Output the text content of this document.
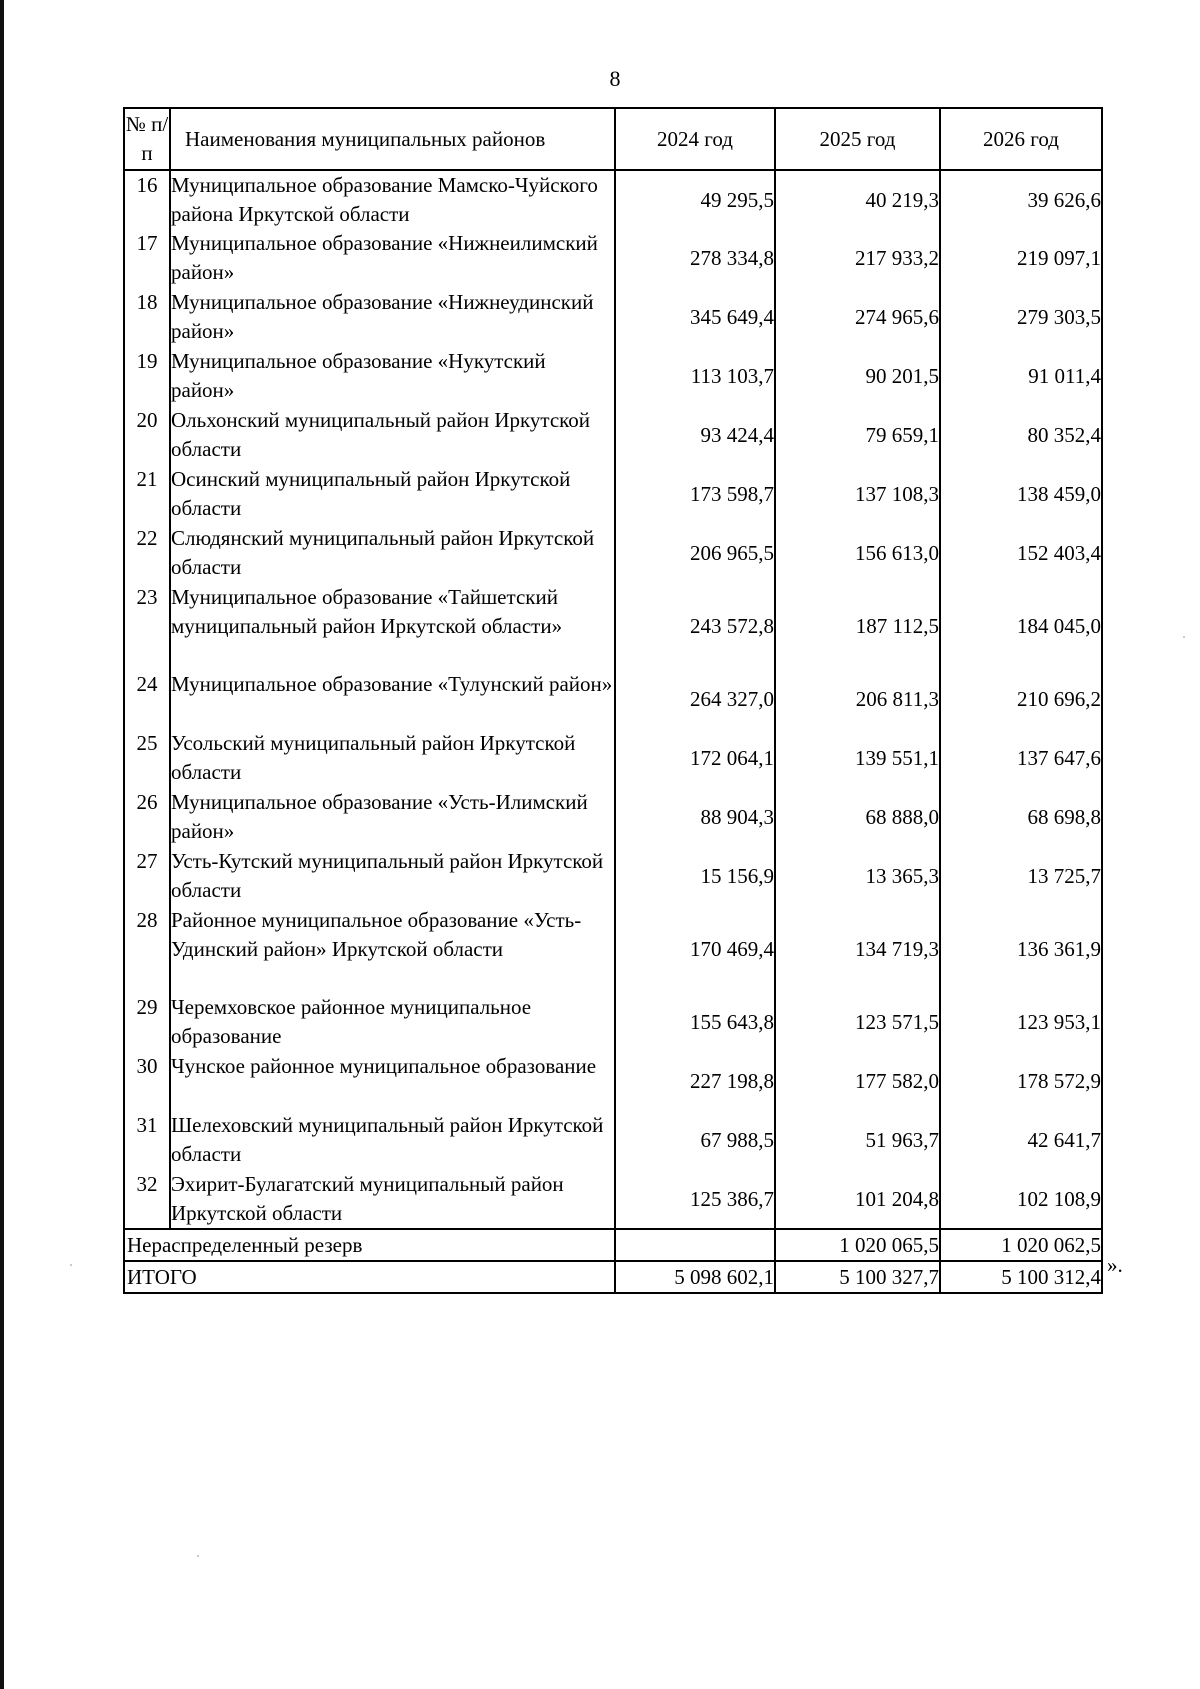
8
№ п/п	Наименования муниципальных районов	2024 год	2025 год	2026 год
16	Муниципальное образование Мамско-Чуйского района Иркутской области	49 295,5	40 219,3	39 626,6
17	Муниципальное образование «Нижнеилимский район»	278 334,8	217 933,2	219 097,1
18	Муниципальное образование «Нижнеудинский район»	345 649,4	274 965,6	279 303,5
19	Муниципальное образование «Нукутский район»	113 103,7	90 201,5	91 011,4
20	Ольхонский муниципальный район Иркутской области	93 424,4	79 659,1	80 352,4
21	Осинский муниципальный район Иркутской области	173 598,7	137 108,3	138 459,0
22	Слюдянский муниципальный район Иркутской области	206 965,5	156 613,0	152 403,4
23	Муниципальное образование «Тайшетский муниципальный район Иркутской области»	243 572,8	187 112,5	184 045,0
24	Муниципальное образование «Тулунский район»	264 327,0	206 811,3	210 696,2
25	Усольский муниципальный район Иркутской области	172 064,1	139 551,1	137 647,6
26	Муниципальное образование «Усть-Илимский район»	88 904,3	68 888,0	68 698,8
27	Усть-Кутский муниципальный район Иркутской области	15 156,9	13 365,3	13 725,7
28	Районное муниципальное образование «Усть-Удинский район» Иркутской области	170 469,4	134 719,3	136 361,9
29	Черемховское районное муниципальное образование	155 643,8	123 571,5	123 953,1
30	Чунское районное муниципальное образование	227 198,8	177 582,0	178 572,9
31	Шелеховский муниципальный район Иркутской области	67 988,5	51 963,7	42 641,7
32	Эхирит-Булагатский муниципальный район Иркутской области	125 386,7	101 204,8	102 108,9
Нераспределенный резерв			1 020 065,5	1 020 062,5
ИТОГО		5 098 602,1	5 100 327,7	5 100 312,4 ».
